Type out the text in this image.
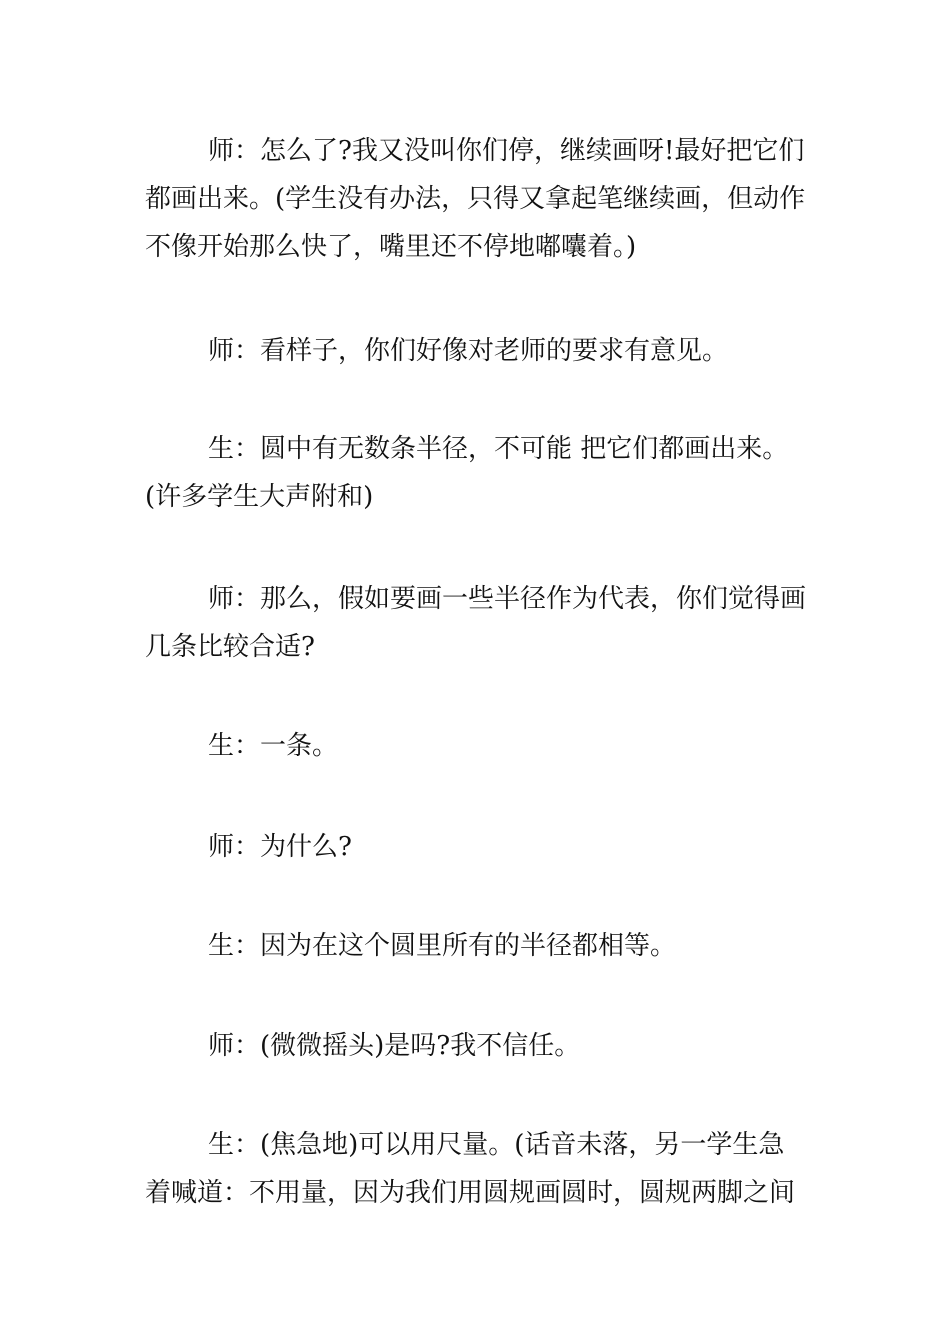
师：怎么了?我又没叫你们停，继续画呀!最好把它们
都画出来。(学生没有办法，只得又拿起笔继续画，但动作
不像开始那么快了，嘴里还不停地嘟囔着。)
师：看样子，你们好像对老师的要求有意见。
生：圆中有无数条半径，不可能 把它们都画出来。
(许多学生大声附和)
师：那么，假如要画一些半径作为代表，你们觉得画
几条比较合适?
生：一条。
师：为什么?
生：因为在这个圆里所有的半径都相等。
师：(微微摇头)是吗?我不信任。
生：(焦急地)可以用尺量。(话音未落，另一学生急
着喊道：不用量，因为我们用圆规画圆时，圆规两脚之间
